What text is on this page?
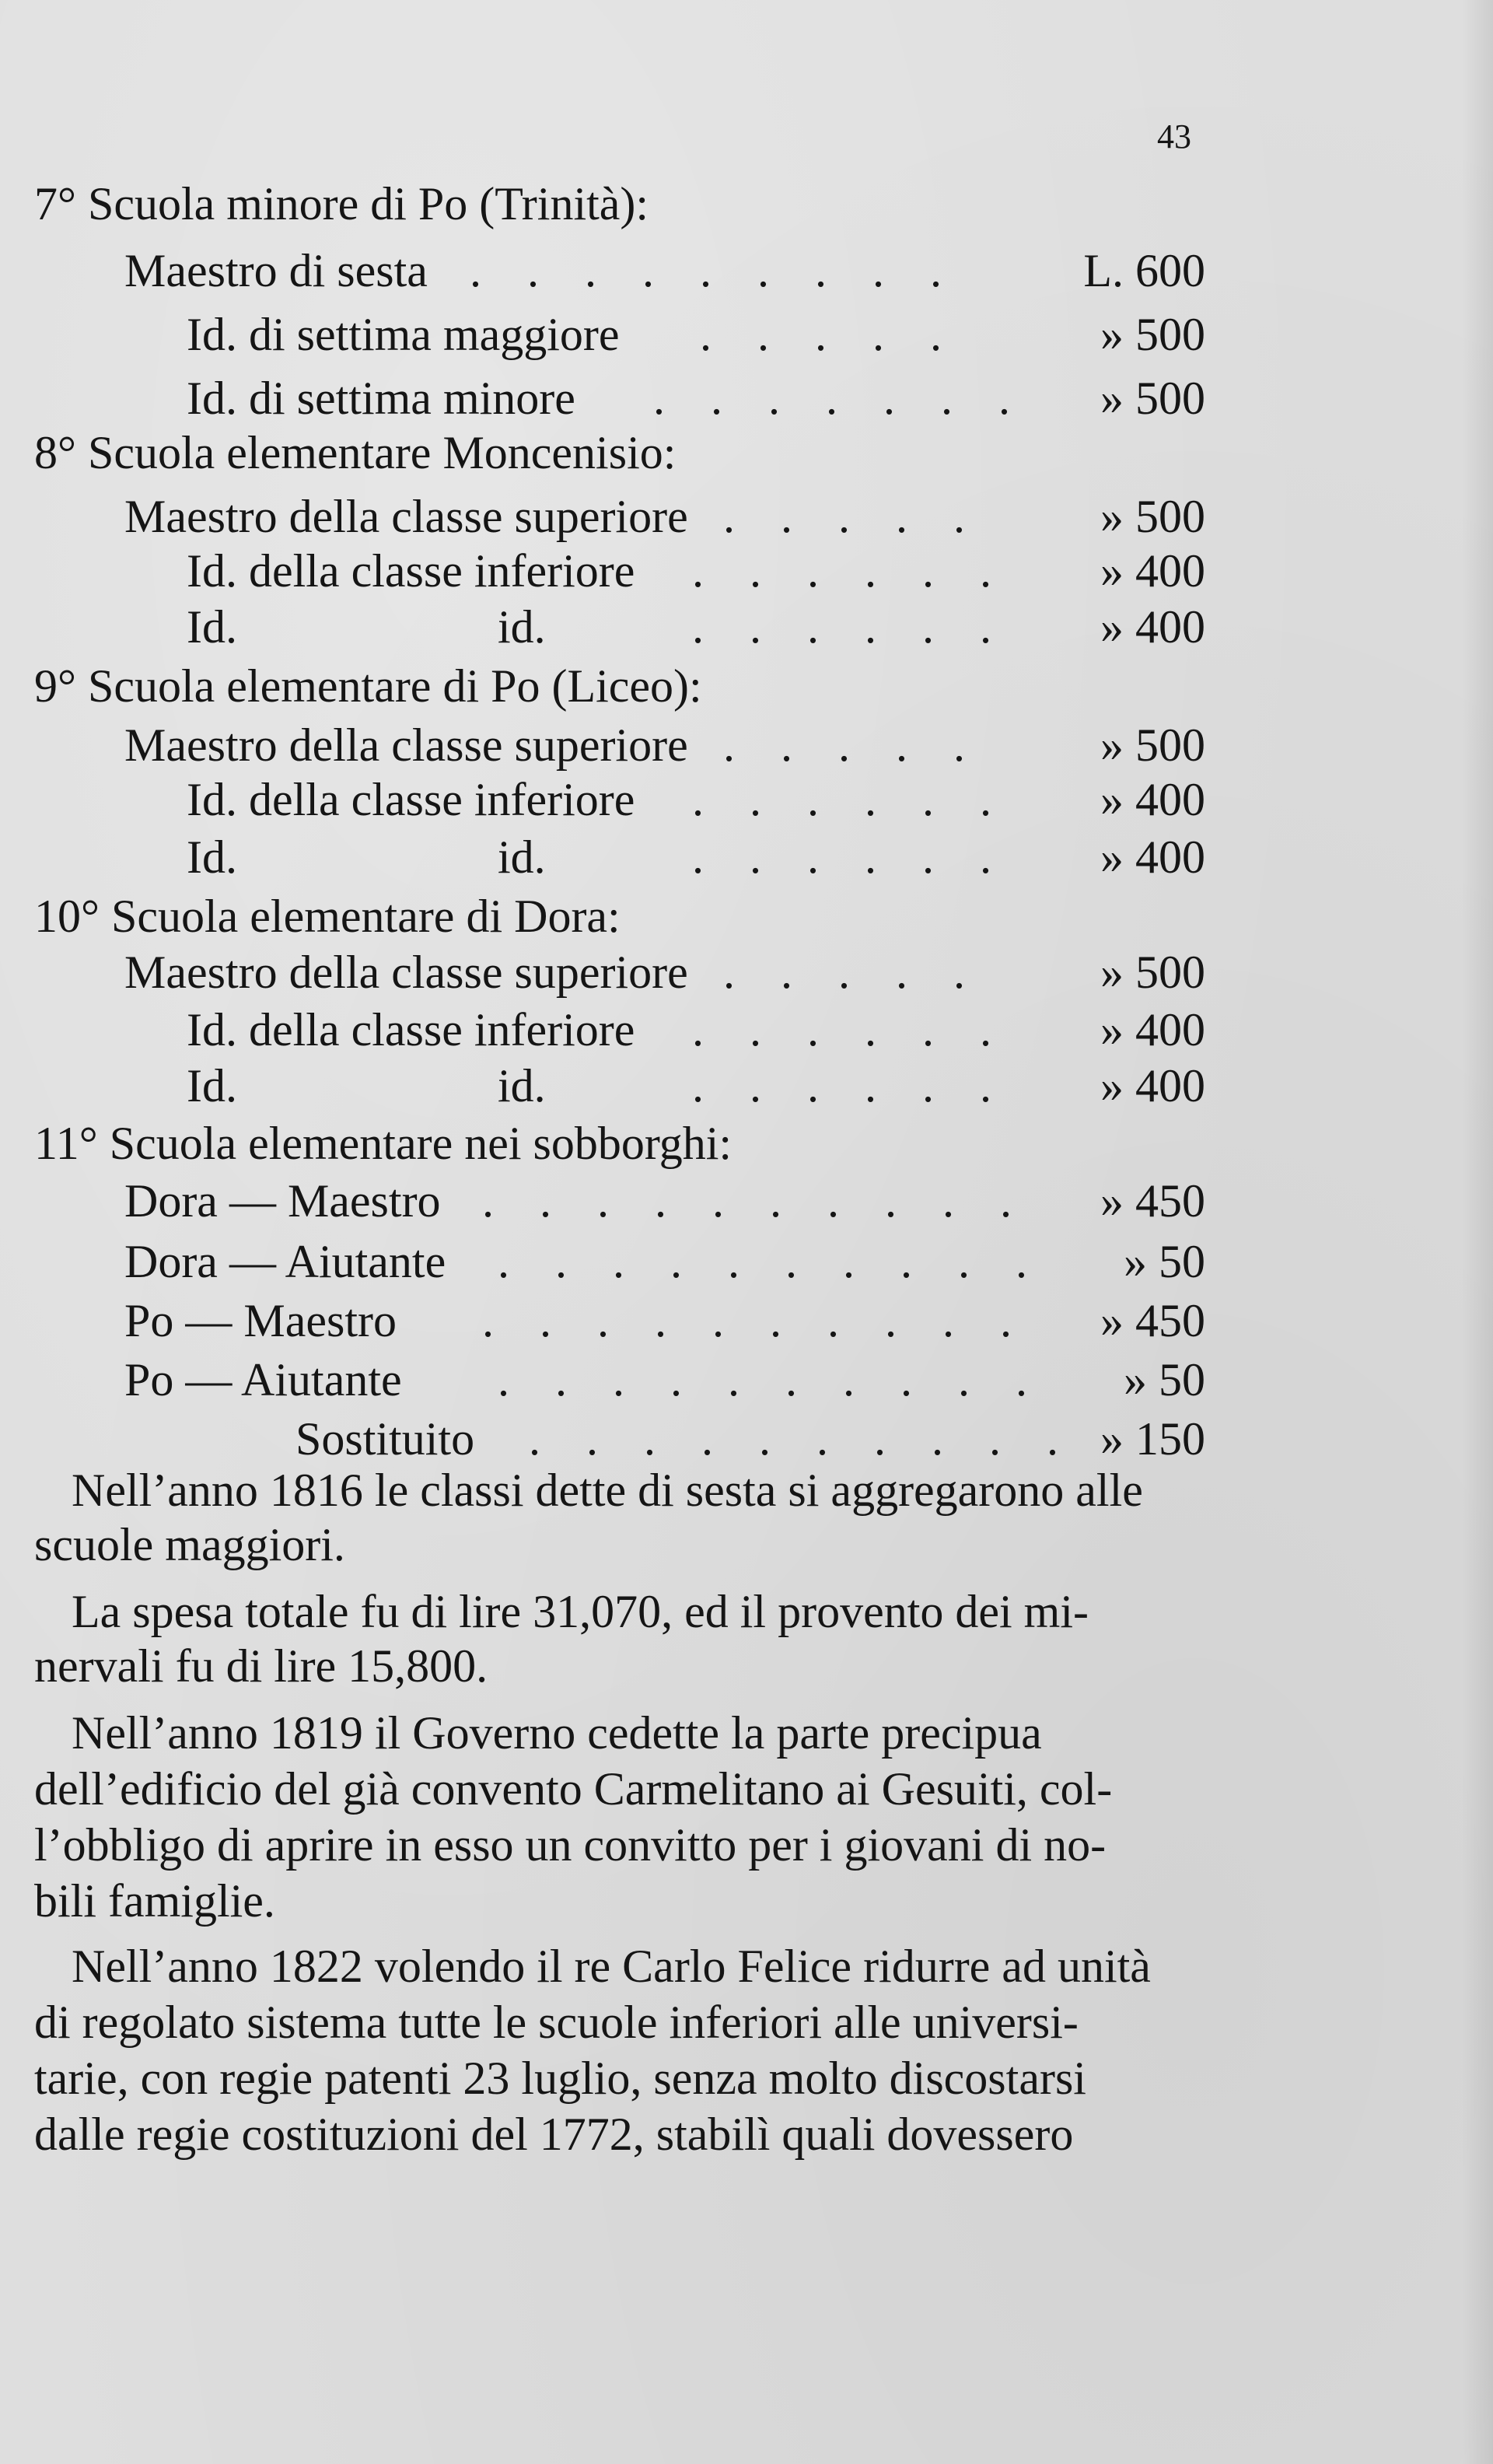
43
7° Scuola minore di Po (Trinità):
Maestro di sesta . . . . . . . . .	L. 600
Id. di settima maggiore . . . . .	» 500
Id. di settima minore . . . . . . .	» 500
8° Scuola elementare Moncenisio:
Maestro della classe superiore . . . . .	» 500
Id. della classe inferiore . . . . . .	» 400
Id.	id.	. . . . . .	» 400
9° Scuola elementare di Po (Liceo):
Maestro della classe superiore . . . . .	» 500
Id. della classe inferiore . . . . . .	» 400
Id.	id.	. . . . . .	» 400
10° Scuola elementare di Dora:
Maestro della classe superiore . . . . .	» 500
Id. della classe inferiore . . . . . .	» 400
Id.	id.	. . . . . .	» 400
11° Scuola elementare nei sobborghi:
Dora — Maestro . . . . . . . . . .	» 450
Dora — Aiutante . . . . . . . . . .	» 50
Po — Maestro . . . . . . . . . .	» 450
Po — Aiutante . . . . . . . . . .	» 50
Sostituito . . . . . . . . . . » 150
Nell’anno 1816 le classi dette di sesta si aggregarono alle
scuole maggiori.
La spesa totale fu di lire 31,070, ed il provento dei mi-
nervali fu di lire 15,800.
Nell’anno 1819 il Governo cedette la parte precipua
dell’edificio del già convento Carmelitano ai Gesuiti, col-
l’obbligo di aprire in esso un convitto per i giovani di no-
bili famiglie.
Nell’anno 1822 volendo il re Carlo Felice ridurre ad unità
di regolato sistema tutte le scuole inferiori alle universi-
tarie, con regie patenti 23 luglio, senza molto discostarsi
dalle regie costituzioni del 1772, stabilì quali dovessero
